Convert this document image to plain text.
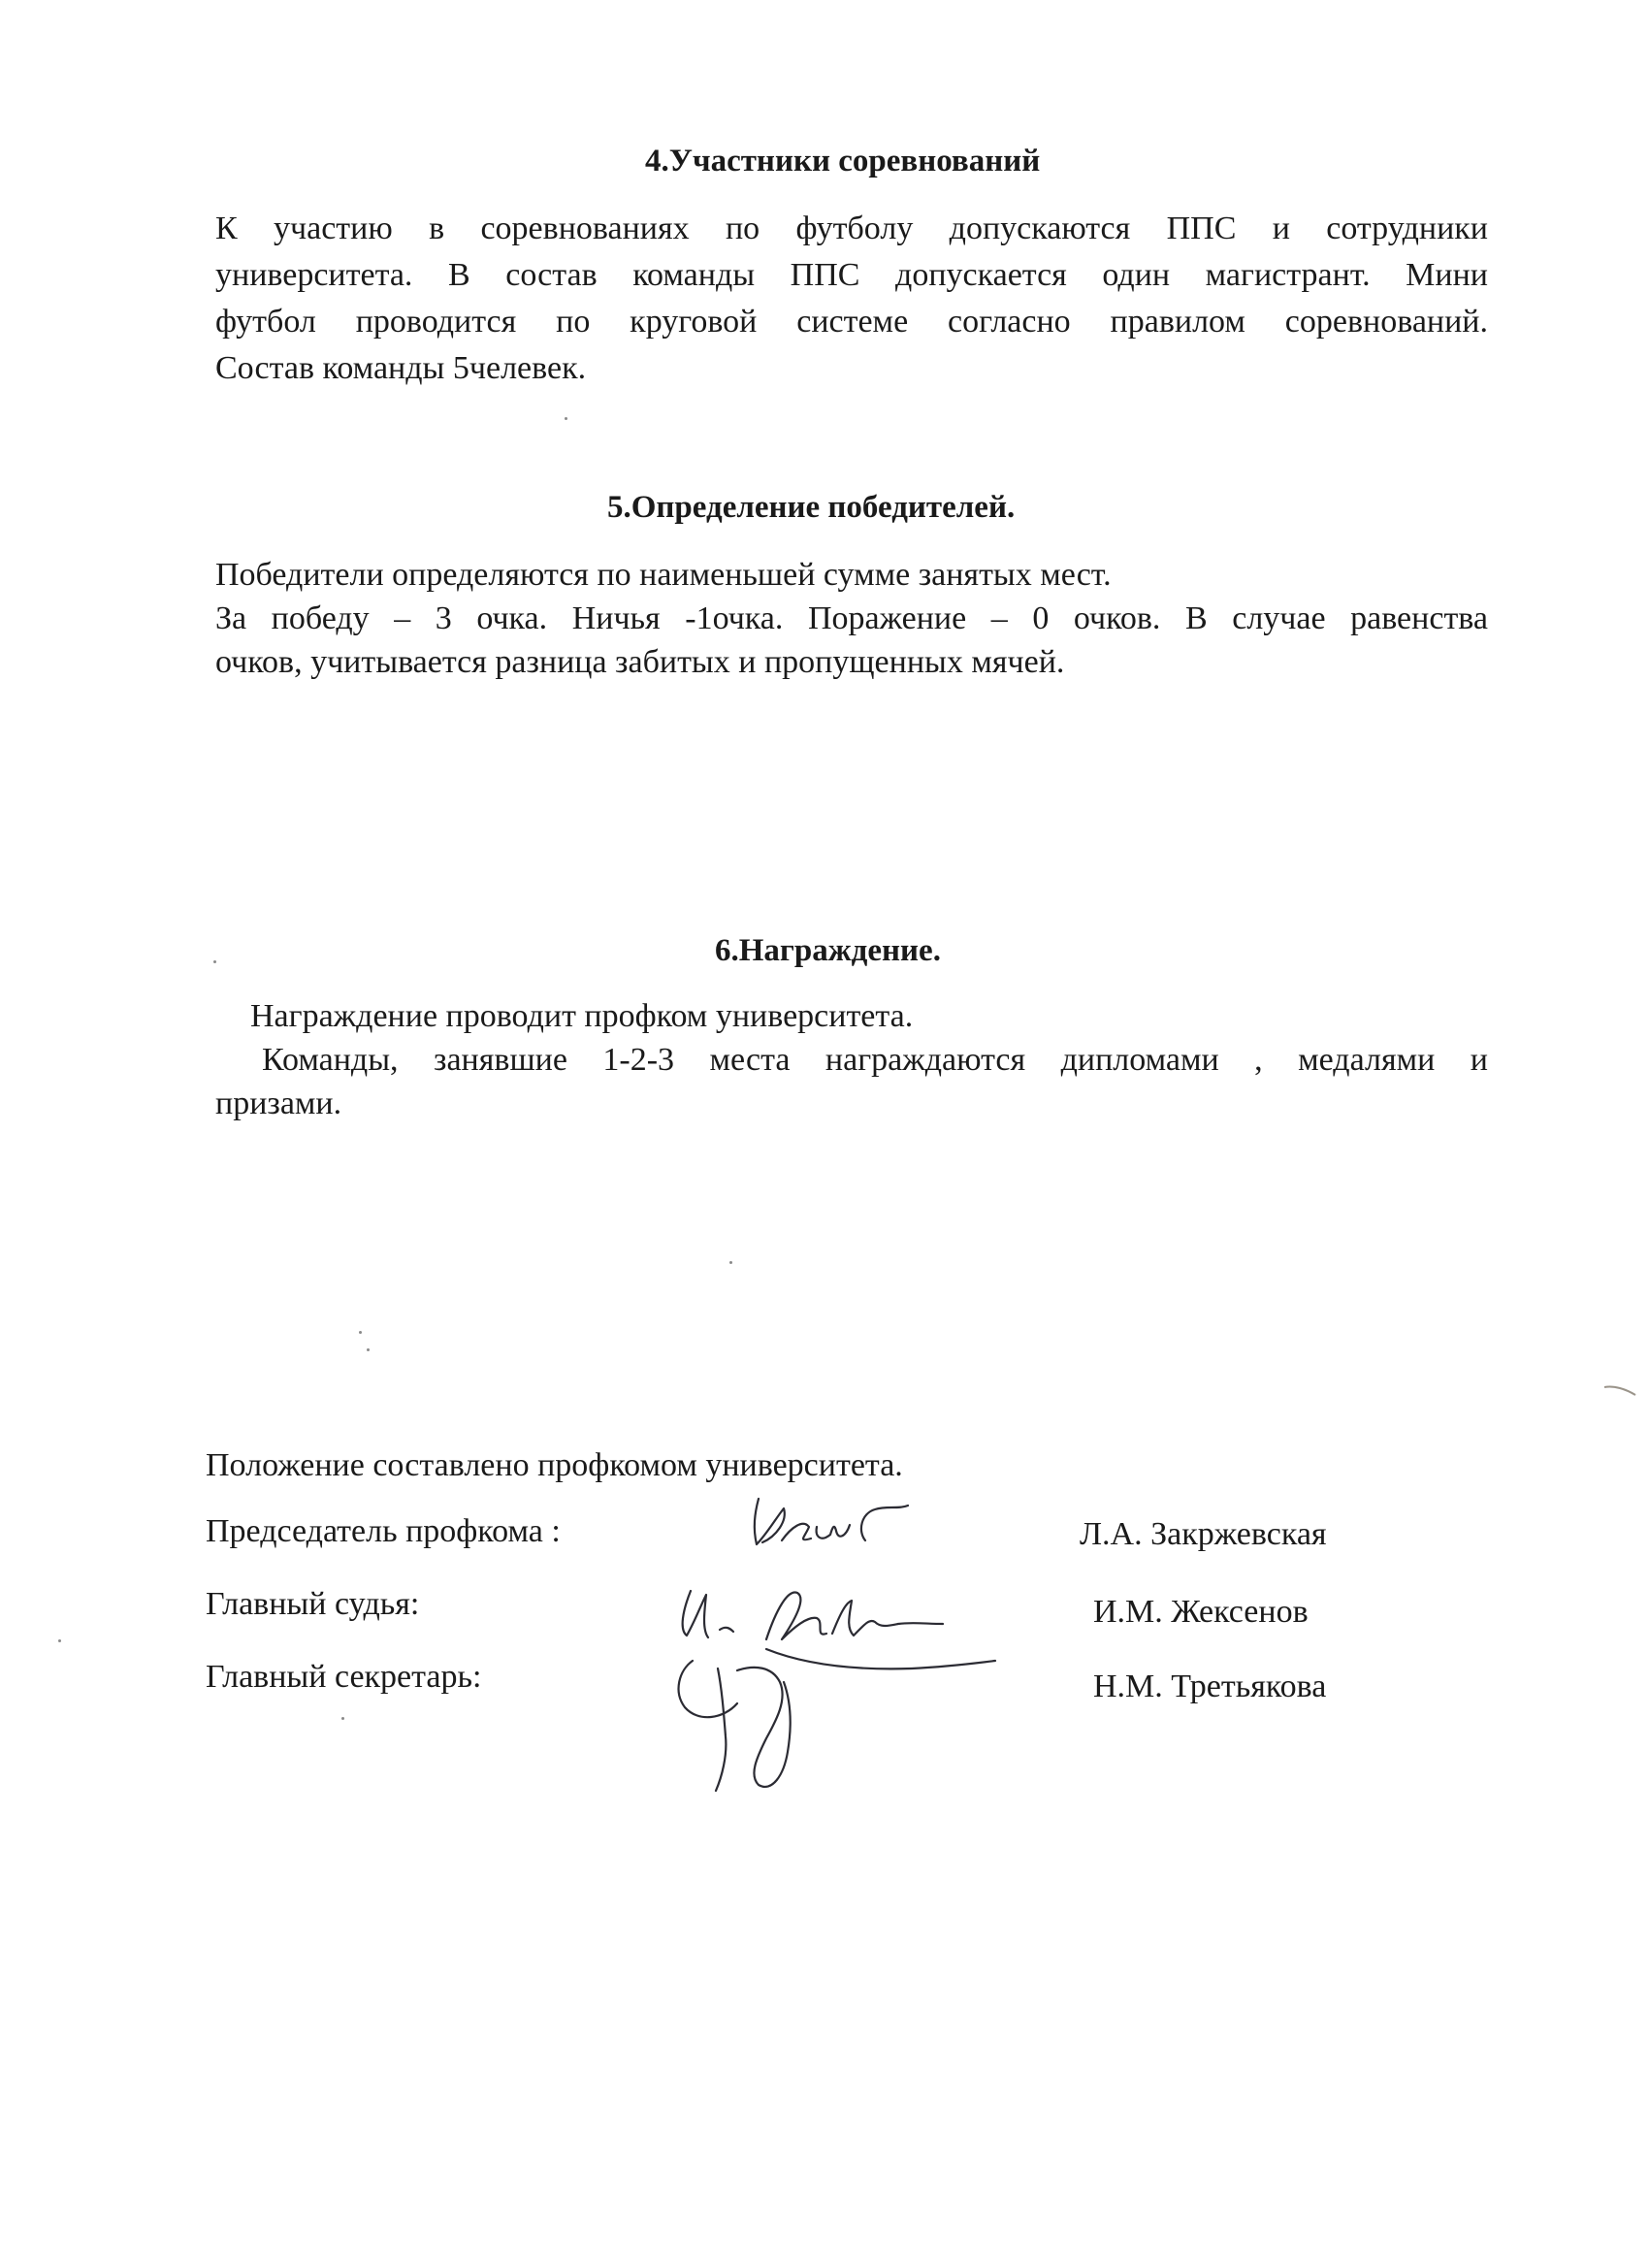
4.Участники соревнований
К участию в соревнованиях по футболу допускаются ППС и сотрудники
университета. В состав команды ППС допускается один магистрант. Мини
футбол проводится по круговой системе согласно правилом соревнований.
Состав команды 5челевек.
5.Определение победителей.
Победители определяются по наименьшей сумме занятых мест.
За победу – 3 очка. Ничья -1очка. Поражение – 0 очков. В случае равенства
очков, учитывается разница забитых и пропущенных мячей.
6.Награждение.
Награждение проводит профком университета.
Команды, занявшие 1-2-3 места награждаются дипломами , медалями и
призами.
Положение составлено профкомом университета.
Председатель профкома :	Л.А. Закржевская
Главный судья:	И.М. Жексенов
Главный секретарь:	Н.М. Третьякова
